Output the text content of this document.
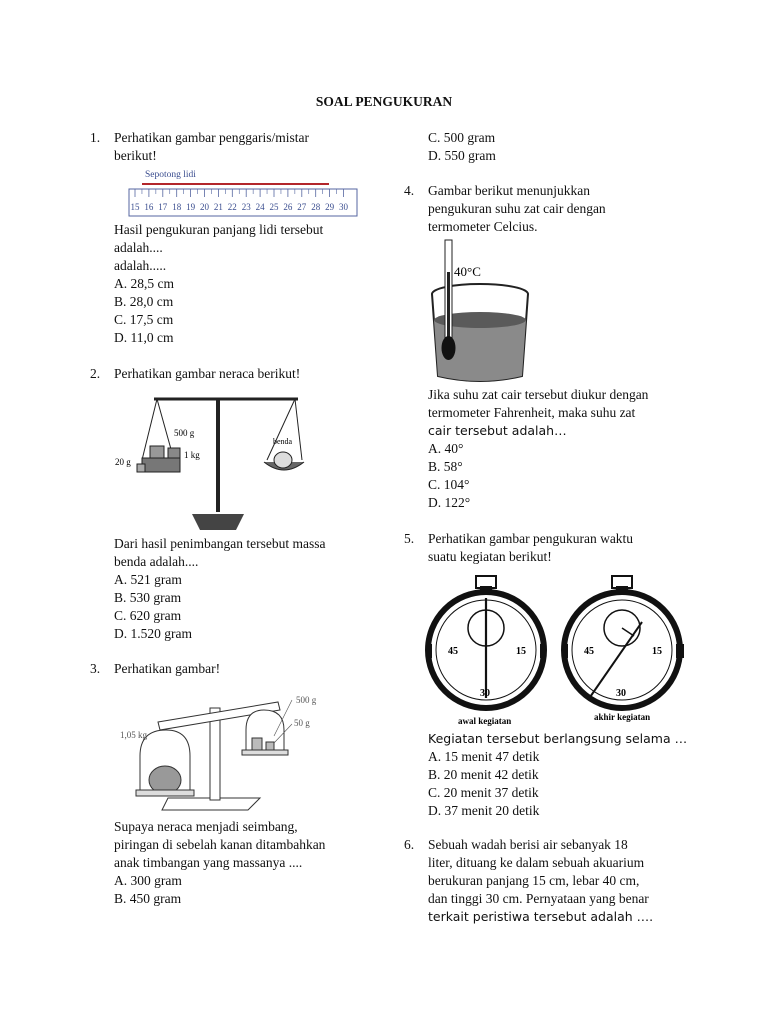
SOAL PENGUKURAN
1. Perhatikan gambar penggaris/mistar
berikut!
Sepotong lidi
15 16 17 18 19 20 21 22 23 24 25 26 27 28 29 30
Hasil pengukuran panjang lidi tersebut
adalah....
adalah.....
A. 28,5 cm
B. 28,0 cm
C. 17,5 cm
D. 11,0 cm
2. Perhatikan gambar neraca berikut!
500 g
1 kg
20 g
benda
Dari hasil penimbangan tersebut massa
benda adalah....
A. 521 gram
B. 530 gram
C. 620 gram
D. 1.520 gram
3. Perhatikan gambar!
1,05 kg
500 g
50 g
Supaya neraca menjadi seimbang,
piringan di sebelah kanan ditambahkan
anak timbangan yang massanya ....
A. 300 gram
B. 450 gram
C. 500 gram
D. 550 gram
4. Gambar berikut menunjukkan
pengukuran suhu zat cair dengan
termometer Celcius.
40°C
Jika suhu zat cair tersebut diukur dengan
termometer Fahrenheit, maka suhu zat
cair tersebut adalah…
A. 40°
B. 58°
C. 104°
D. 122°
5. Perhatikan gambar pengukuran waktu
suatu kegiatan berikut!
45	15
30
45	15
30
awal kegiatan	akhir kegiatan
Kegiatan tersebut berlangsung selama …
A. 15 menit 47 detik
B. 20 menit 42 detik
C. 20 menit 37 detik
D. 37 menit 20 detik
6. Sebuah wadah berisi air sebanyak 18
liter, dituang ke dalam sebuah akuarium
berukuran panjang 15 cm, lebar 40 cm,
dan tinggi 30 cm. Pernyataan yang benar
terkait peristiwa tersebut adalah ….
